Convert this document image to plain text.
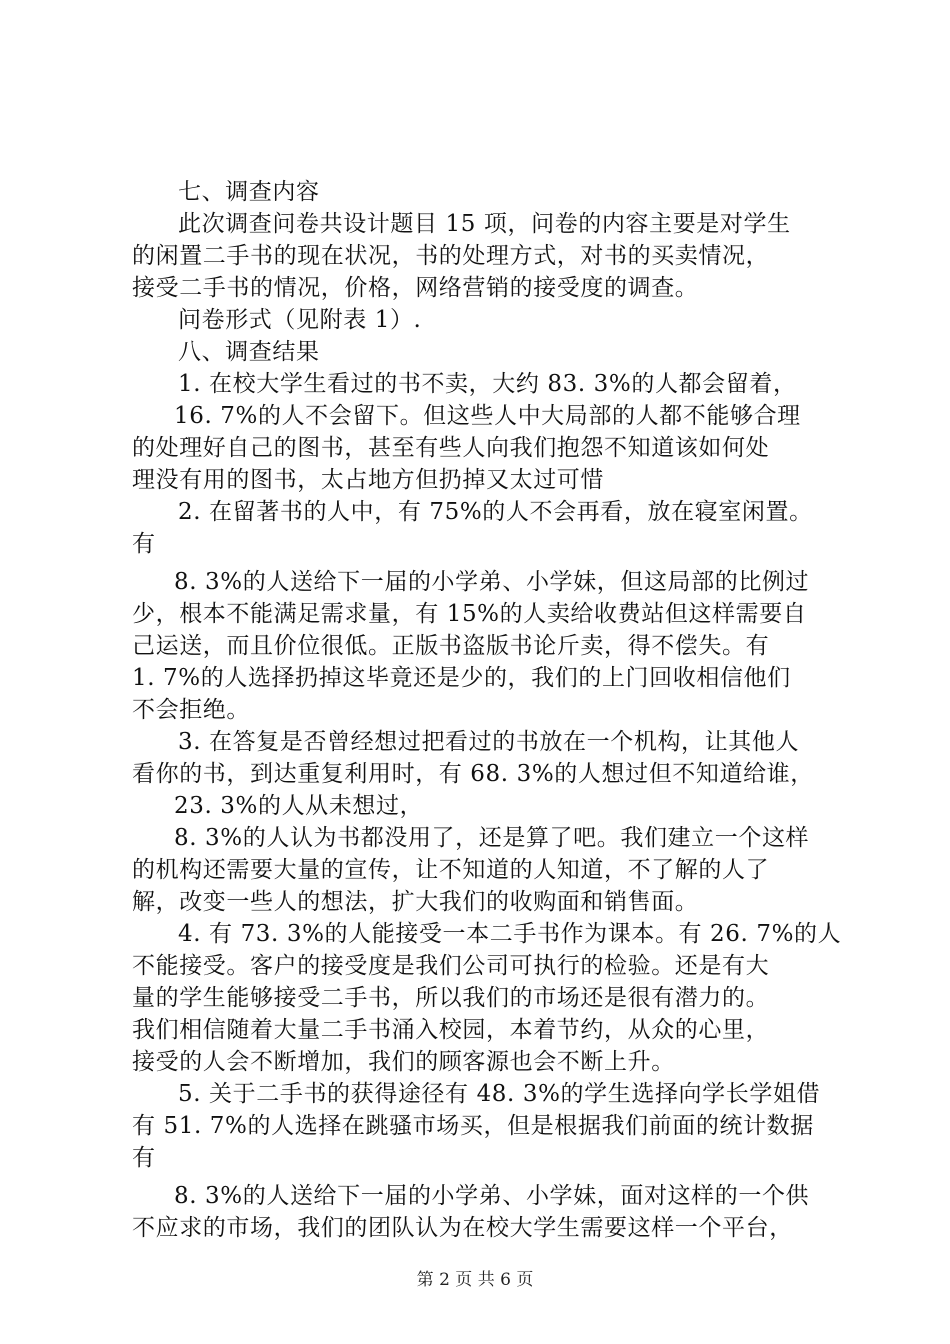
七、调查内容
此次调查问卷共设计题目 15 项，问卷的内容主要是对学生
的闲置二手书的现在状况，书的处理方式，对书的买卖情况，
接受二手书的情况，价格，网络营销的接受度的调查。
问卷形式（见附表 1）.
八、调查结果
1. 在校大学生看过的书不卖，大约 83. 3%的人都会留着，
16. 7%的人不会留下。但这些人中大局部的人都不能够合理
的处理好自己的图书，甚至有些人向我们抱怨不知道该如何处
理没有用的图书，太占地方但扔掉又太过可惜
2. 在留著书的人中，有 75%的人不会再看，放在寝室闲置。
有
8. 3%的人送给下一届的小学弟、小学妹，但这局部的比例过
少，根本不能满足需求量，有 15%的人卖给收费站但这样需要自
己运送，而且价位很低。正版书盗版书论斤卖，得不偿失。有
1. 7%的人选择扔掉这毕竟还是少的，我们的上门回收相信他们
不会拒绝。
3. 在答复是否曾经想过把看过的书放在一个机构，让其他人
看你的书，到达重复利用时，有 68. 3%的人想过但不知道给谁，
23. 3%的人从未想过，
8. 3%的人认为书都没用了，还是算了吧。我们建立一个这样
的机构还需要大量的宣传，让不知道的人知道，不了解的人了
解，改变一些人的想法，扩大我们的收购面和销售面。
4. 有 73. 3%的人能接受一本二手书作为课本。有 26. 7%的人
不能接受。客户的接受度是我们公司可执行的检验。还是有大
量的学生能够接受二手书，所以我们的市场还是很有潜力的。
我们相信随着大量二手书涌入校园，本着节约，从众的心里，
接受的人会不断增加，我们的顾客源也会不断上升。
5. 关于二手书的获得途径有 48. 3%的学生选择向学长学姐借
有 51. 7%的人选择在跳骚市场买，但是根据我们前面的统计数据
有
8. 3%的人送给下一届的小学弟、小学妹，面对这样的一个供
不应求的市场，我们的团队认为在校大学生需要这样一个平台，
第 2 页 共 6 页
